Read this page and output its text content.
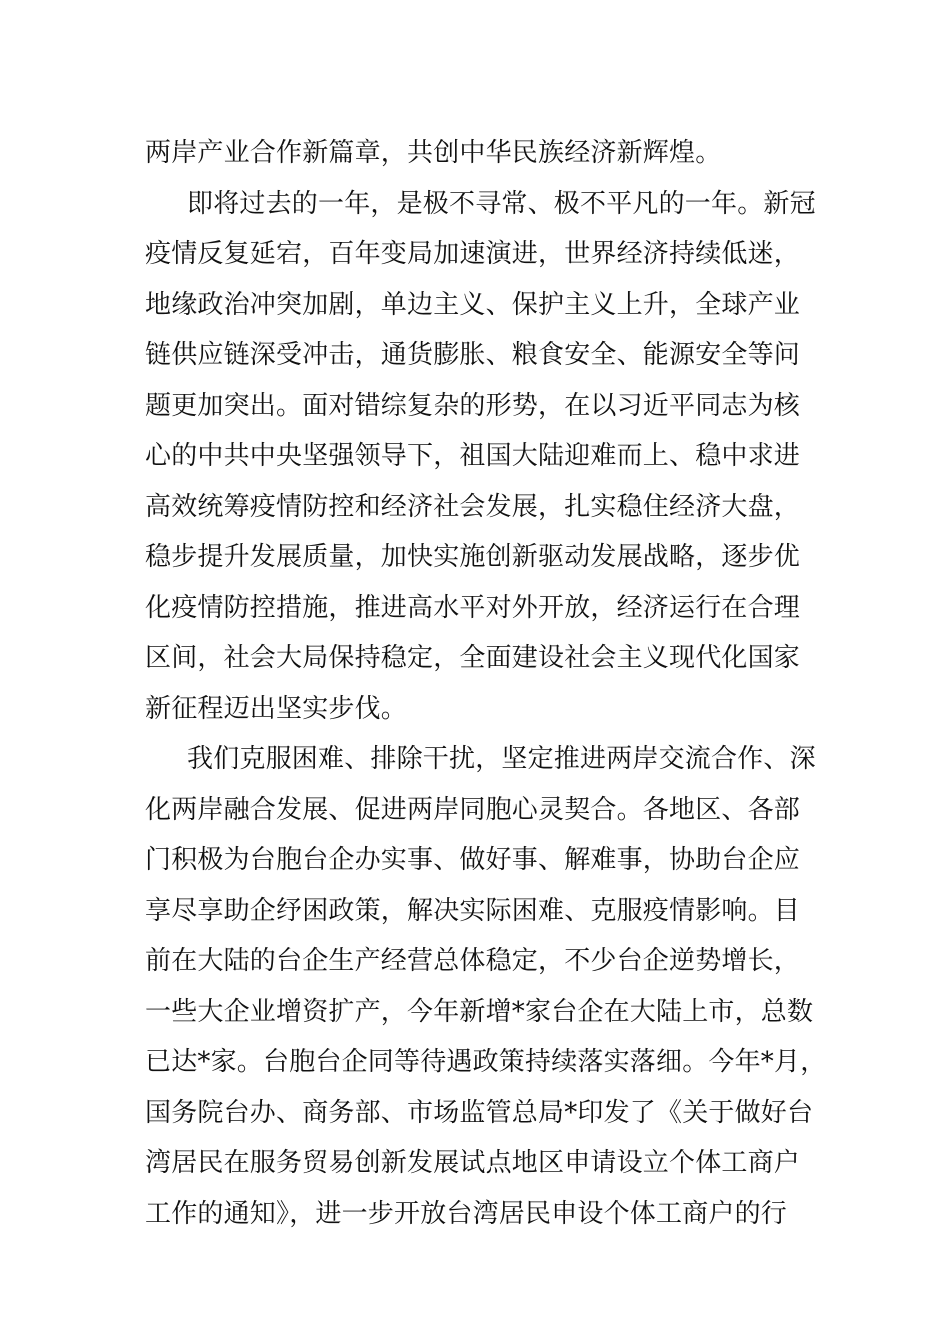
两岸产业合作新篇章，共创中华民族经济新辉煌。
即将过去的一年，是极不寻常、极不平凡的一年。新冠
疫情反复延宕，百年变局加速演进，世界经济持续低迷，
地缘政治冲突加剧，单边主义、保护主义上升，全球产业
链供应链深受冲击，通货膨胀、粮食安全、能源安全等问
题更加突出。面对错综复杂的形势，在以习近平同志为核
心的中共中央坚强领导下，祖国大陆迎难而上、稳中求进
高效统筹疫情防控和经济社会发展，扎实稳住经济大盘，
稳步提升发展质量，加快实施创新驱动发展战略，逐步优
化疫情防控措施，推进高水平对外开放，经济运行在合理
区间，社会大局保持稳定，全面建设社会主义现代化国家
新征程迈出坚实步伐。
我们克服困难、排除干扰，坚定推进两岸交流合作、深
化两岸融合发展、促进两岸同胞心灵契合。各地区、各部
门积极为台胞台企办实事、做好事、解难事，协助台企应
享尽享助企纾困政策，解决实际困难、克服疫情影响。目
前在大陆的台企生产经营总体稳定，不少台企逆势增长，
一些大企业增资扩产，今年新增*家台企在大陆上市，总数
已达*家。台胞台企同等待遇政策持续落实落细。今年*月，
国务院台办、商务部、市场监管总局*印发了《关于做好台
湾居民在服务贸易创新发展试点地区申请设立个体工商户
工作的通知》，进一步开放台湾居民申设个体工商户的行
